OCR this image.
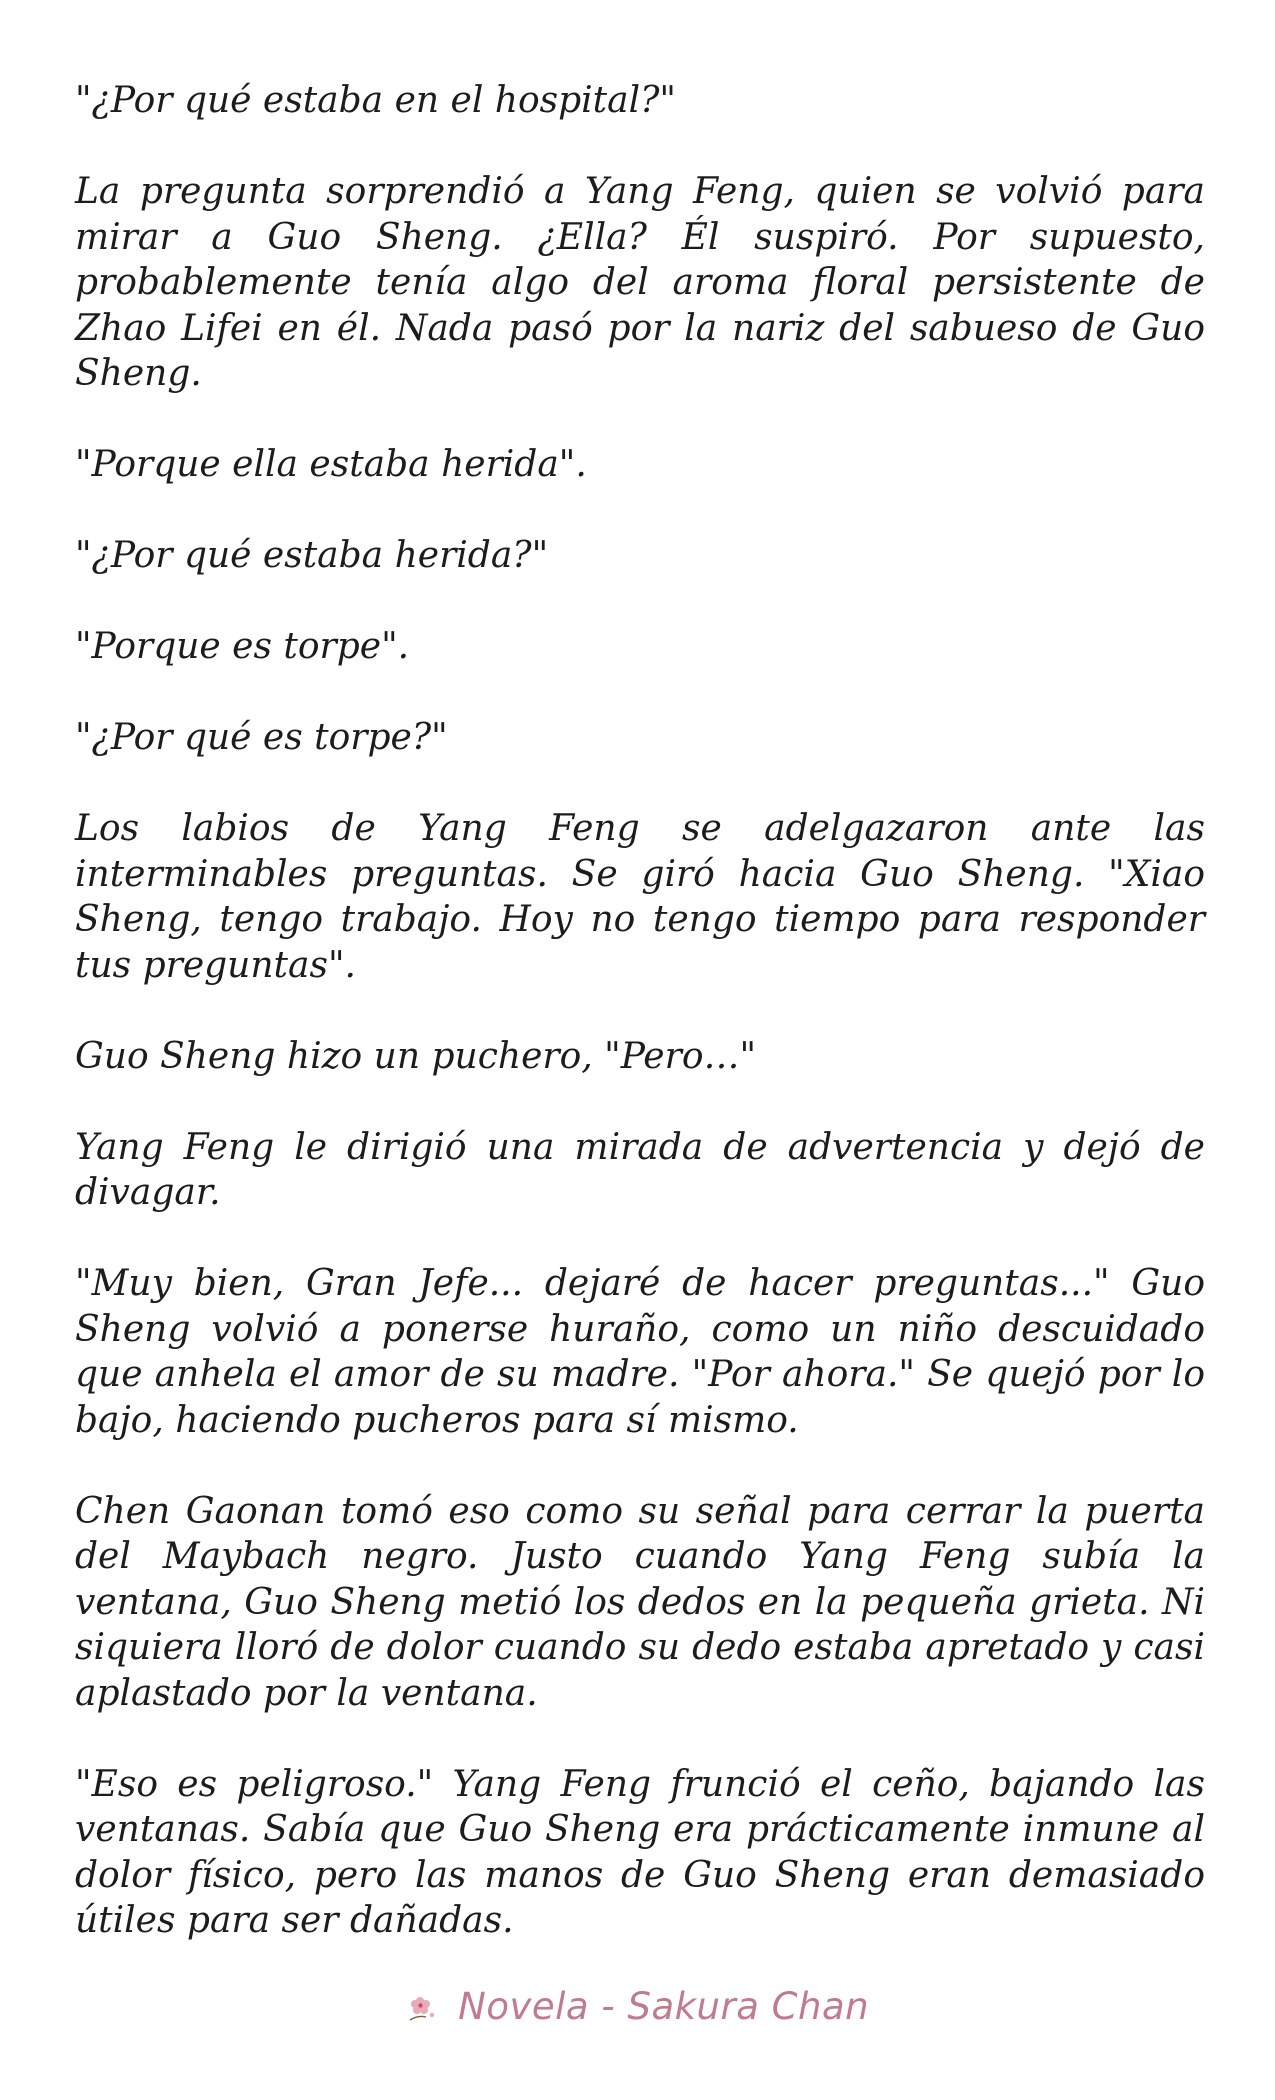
"¿Por qué estaba en el hospital?"

La pregunta sorprendió a Yang Feng, quien se volvió para mirar a Guo Sheng. ¿Ella? Él suspiró. Por supuesto, probablemente tenía algo del aroma floral persistente de Zhao Lifei en él. Nada pasó por la nariz del sabueso de Guo Sheng.

"Porque ella estaba herida".

"¿Por qué estaba herida?"

"Porque es torpe".

"¿Por qué es torpe?"

Los labios de Yang Feng se adelgazaron ante las interminables preguntas. Se giró hacia Guo Sheng. "Xiao Sheng, tengo trabajo. Hoy no tengo tiempo para responder tus preguntas".

Guo Sheng hizo un puchero, "Pero…"

Yang Feng le dirigió una mirada de advertencia y dejó de divagar.

"Muy bien, Gran Jefe... dejaré de hacer preguntas..." Guo Sheng volvió a ponerse huraño, como un niño descuidado que anhela el amor de su madre. "Por ahora." Se quejó por lo bajo, haciendo pucheros para sí mismo.

Chen Gaonan tomó eso como su señal para cerrar la puerta del Maybach negro. Justo cuando Yang Feng subía la ventana, Guo Sheng metió los dedos en la pequeña grieta. Ni siquiera lloró de dolor cuando su dedo estaba apretado y casi aplastado por la ventana.

"Eso es peligroso." Yang Feng frunció el ceño, bajando las ventanas. Sabía que Guo Sheng era prácticamente inmune al dolor físico, pero las manos de Guo Sheng eran demasiado útiles para ser dañadas.

Novela - Sakura Chan
